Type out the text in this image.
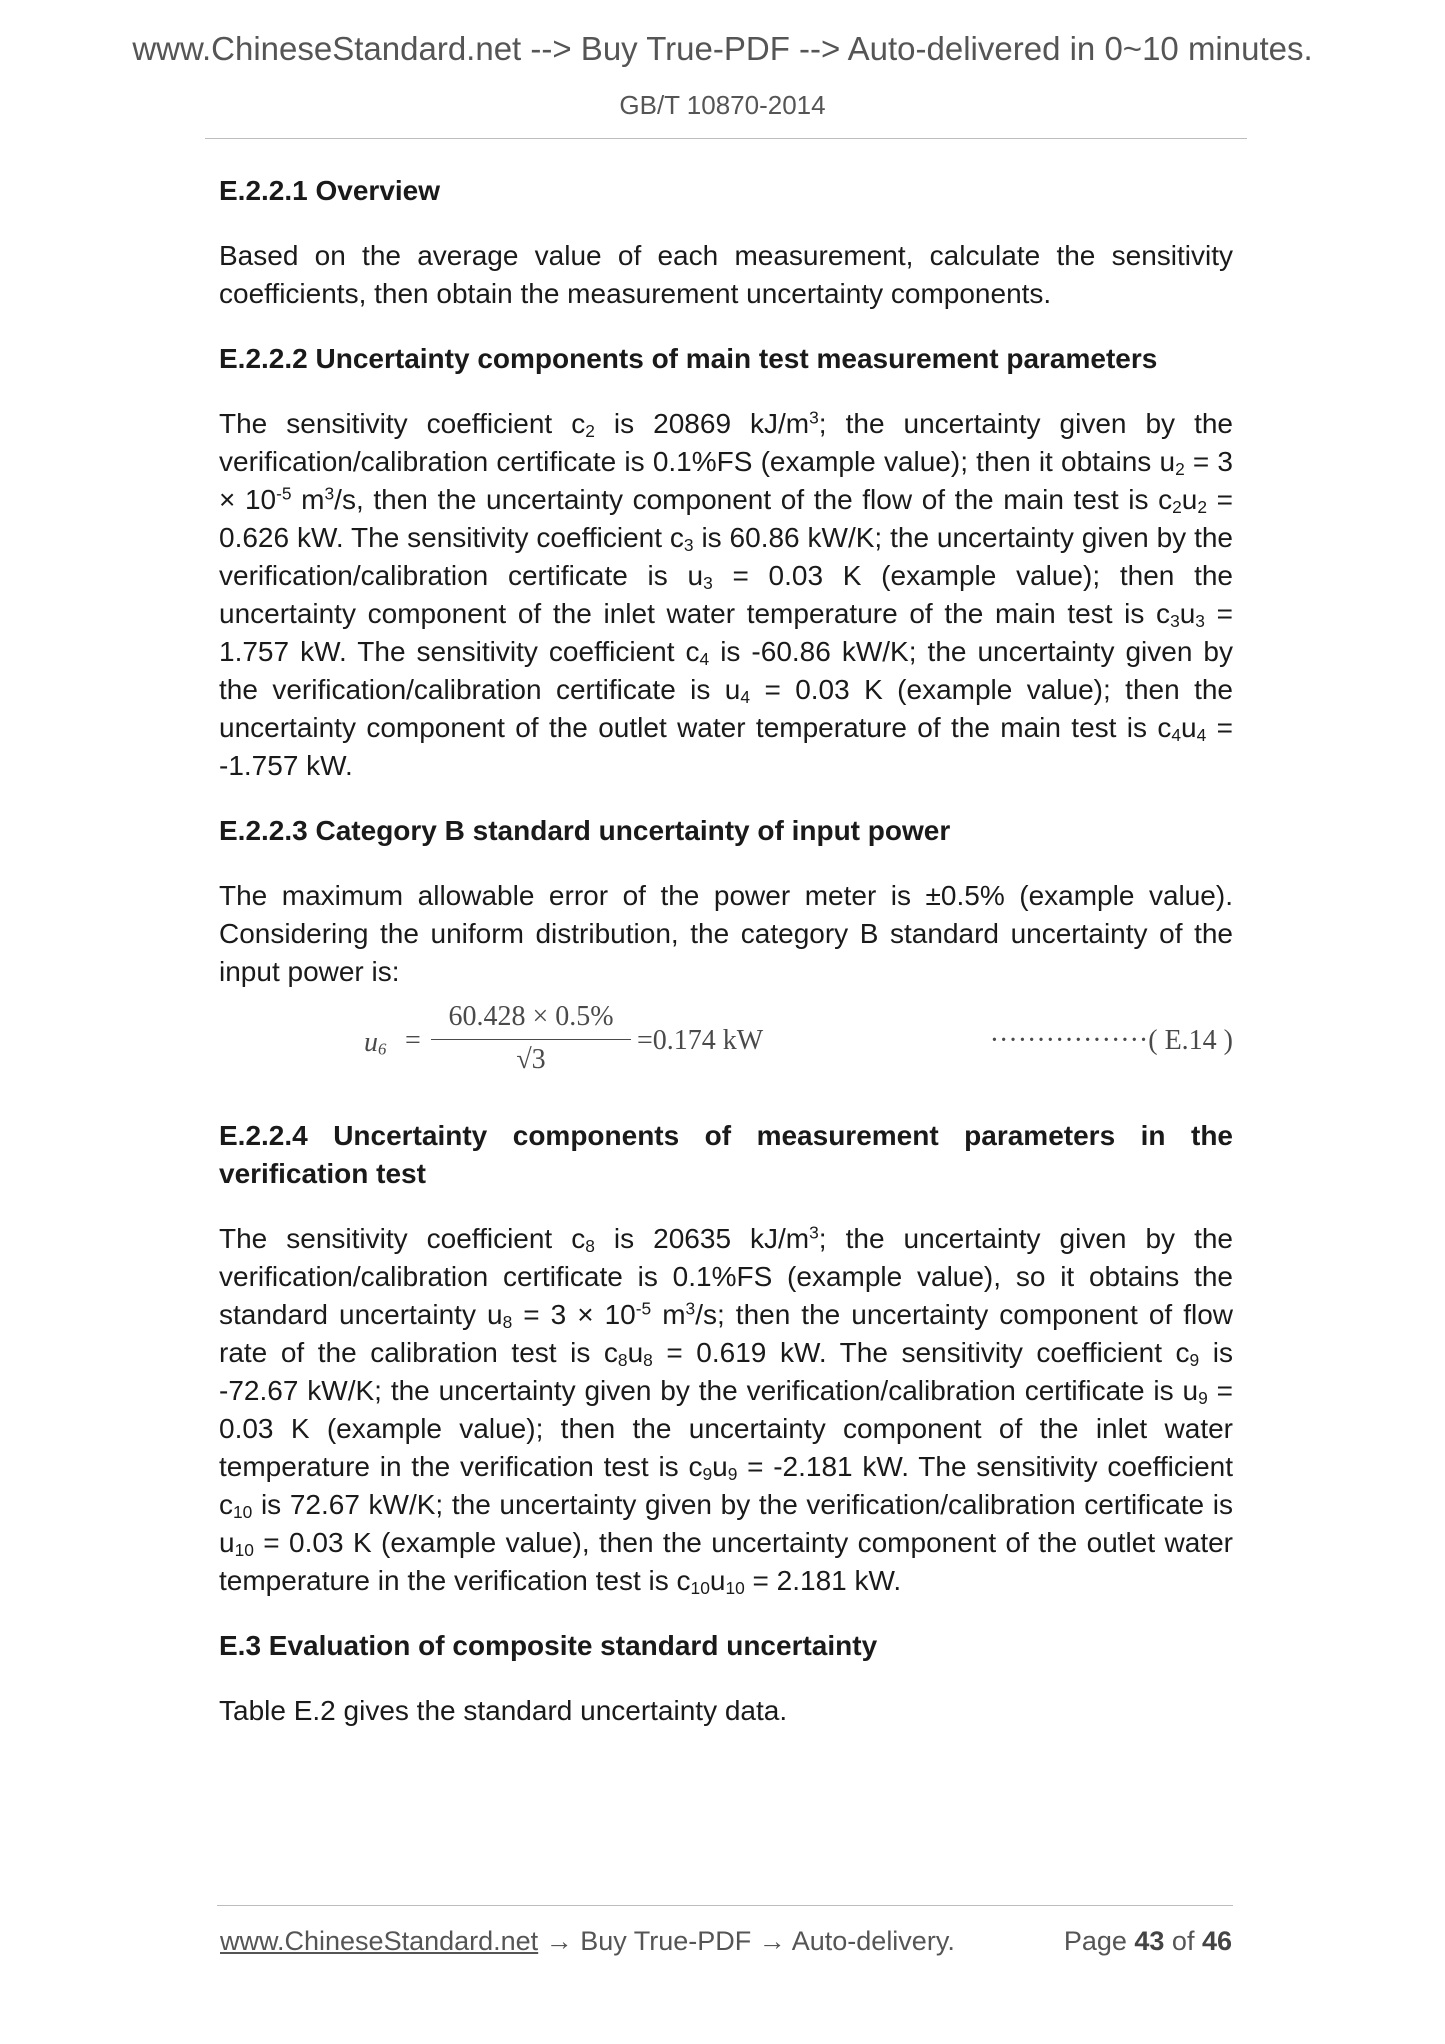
www.ChineseStandard.net --> Buy True-PDF --> Auto-delivered in 0~10 minutes.
GB/T 10870-2014
E.2.2.1 Overview

Based on the average value of each measurement, calculate the sensitivity coefficients, then obtain the measurement uncertainty components.

E.2.2.2 Uncertainty components of main test measurement parameters

The sensitivity coefficient $c_2$ is 20869 $kJ/m^3$; the uncertainty given by the verification/calibration certificate is 0.1%FS (example value); then it obtains $u_2 = 3 \times 10^{-5}$ $m^3/s$, then the uncertainty component of the flow of the main test is $c_2u_2 = 0.626$ kW. The sensitivity coefficient $c_3$ is 60.86 kW/K; the uncertainty given by the verification/calibration certificate is $u_3 = 0.03$ K (example value); then the uncertainty component of the inlet water temperature of the main test is $c_3u_3 = 1.757$ kW. The sensitivity coefficient $c_4$ is -60.86 kW/K; the uncertainty given by the verification/calibration certificate is $u_4 = 0.03$ K (example value); then the uncertainty component of the outlet water temperature of the main test is $c_4u_4 = -1.757$ kW.

E.2.2.3 Category B standard uncertainty of input power

The maximum allowable error of the power meter is ±0.5% (example value). Considering the uniform distribution, the category B standard uncertainty of the input power is:

$u_6 = \frac{60.428 \times 0.5\%}{√3} =0.174$ kW	·················( E.14 )
E.2.2.4 Uncertainty components of measurement parameters in the verification test

The sensitivity coefficient $c_8$ is 20635 $kJ/m^3$; the uncertainty given by the verification/calibration certificate is 0.1%FS (example value), so it obtains the standard uncertainty $u_8 = 3 \times 10^{-5}$ $m^3/s$; then the uncertainty component of flow rate of the calibration test is $c_8u_8 = 0.619$ kW. The sensitivity coefficient $c_9$ is -72.67 kW/K; the uncertainty given by the verification/calibration certificate is $u_9 = 0.03$ K (example value); then the uncertainty component of the inlet water temperature in the verification test is $c_9u_9 = -2.181$ kW. The sensitivity coefficient $c_{10}$ is 72.67 kW/K; the uncertainty given by the verification/calibration certificate is $u_{10} = 0.03$ K (example value), then the uncertainty component of the outlet water temperature in the verification test is $c_{10}u_{10} = 2.181$ kW.

E.3 Evaluation of composite standard uncertainty

Table E.2 gives the standard uncertainty data.

www.ChineseStandard.net → Buy True-PDF → Auto-delivery.	Page 43 of 46
